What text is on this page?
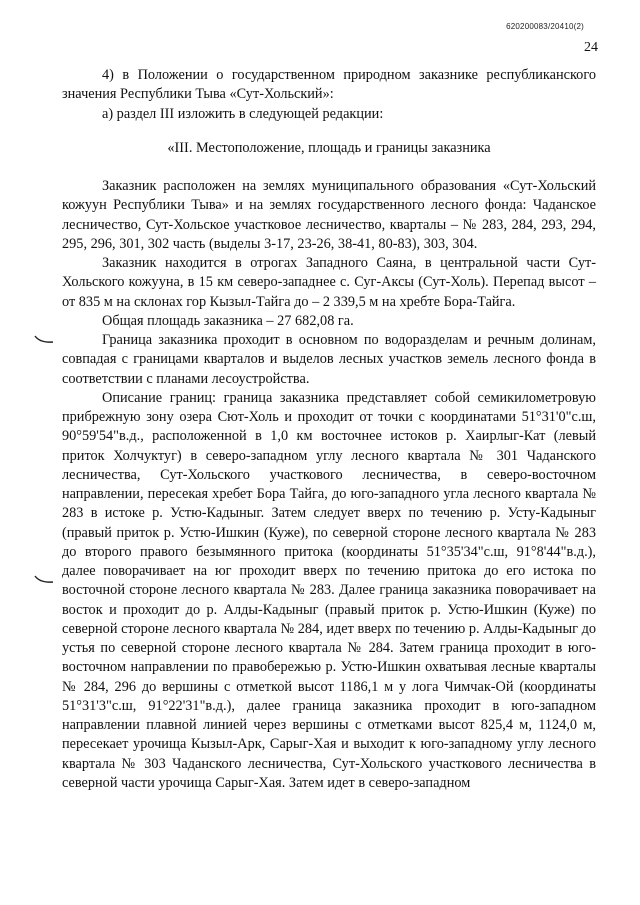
620200083/20410(2)
24

4) в Положении о государственном природном заказнике республиканского значения Республики Тыва «Сут-Хольский»:

а) раздел III изложить в следующей редакции:

«III. Местоположение, площадь и границы заказника

Заказник расположен на землях муниципального образования «Сут-Хольский кожуун Республики Тыва» и на землях государственного лесного фонда: Чаданское лесничество, Сут-Хольское участковое лесничество, кварталы – № 283, 284, 293, 294, 295, 296, 301, 302 часть (выделы 3-17, 23-26, 38-41, 80-83), 303, 304.

Заказник находится в отрогах Западного Саяна, в центральной части Сут-Хольского кожууна, в 15 км северо-западнее с. Суг-Аксы (Сут-Холь). Перепад высот – от 835 м на склонах гор Кызыл-Тайга до – 2 339,5 м на хребте Бора-Тайга.

Общая площадь заказника – 27 682,08 га.

Граница заказника проходит в основном по водоразделам и речным долинам, совпадая с границами кварталов и выделов лесных участков земель лесного фонда в соответствии с планами лесоустройства.

Описание границ: граница заказника представляет собой семикилометровую прибрежную зону озера Сют-Холь и проходит от точки с координатами 51°31'0"с.ш, 90°59'54"в.д., расположенной в 1,0 км восточнее истоков р. Хаирлыг-Кат (левый приток Холчуктуг) в северо-западном углу лесного квартала № 301 Чаданского лесничества, Сут-Хольского участкового лесничества, в северо-восточном направлении, пересекая хребет Бора Тайга, до юго-западного угла лесного квартала № 283 в истоке р. Устю-Кадыныг. Затем следует вверх по течению р. Усту-Кадыныг (правый приток р. Устю-Ишкин (Куже), по северной стороне лесного квартала № 283 до второго правого безымянного притока (координаты 51°35'34"с.ш, 91°8'44"в.д.), далее поворачивает на юг проходит вверх по течению притока до его истока по восточной стороне лесного квартала № 283. Далее граница заказника поворачивает на восток и проходит до р. Алды-Кадыныг (правый приток р. Устю-Ишкин (Куже) по северной стороне лесного квартала № 284, идет вверх по течению р. Алды-Кадыныг до устья по северной стороне лесного квартала № 284. Затем граница проходит в юго-восточном направлении по правобережью р. Устю-Ишкин охватывая лесные кварталы № 284, 296 до вершины с отметкой высот 1186,1 м у лога Чимчак-Ой (координаты 51°31'3"с.ш, 91°22'31"в.д.), далее граница заказника проходит в юго-западном направлении плавной линией через вершины с отметками высот 825,4 м, 1124,0 м, пересекает урочища Кызыл-Арк, Сарыг-Хая и выходит к юго-западному углу лесного квартала № 303 Чаданского лесничества, Сут-Хольского участкового лесничества в северной части урочища Сарыг-Хая. Затем идет в северо-западном
